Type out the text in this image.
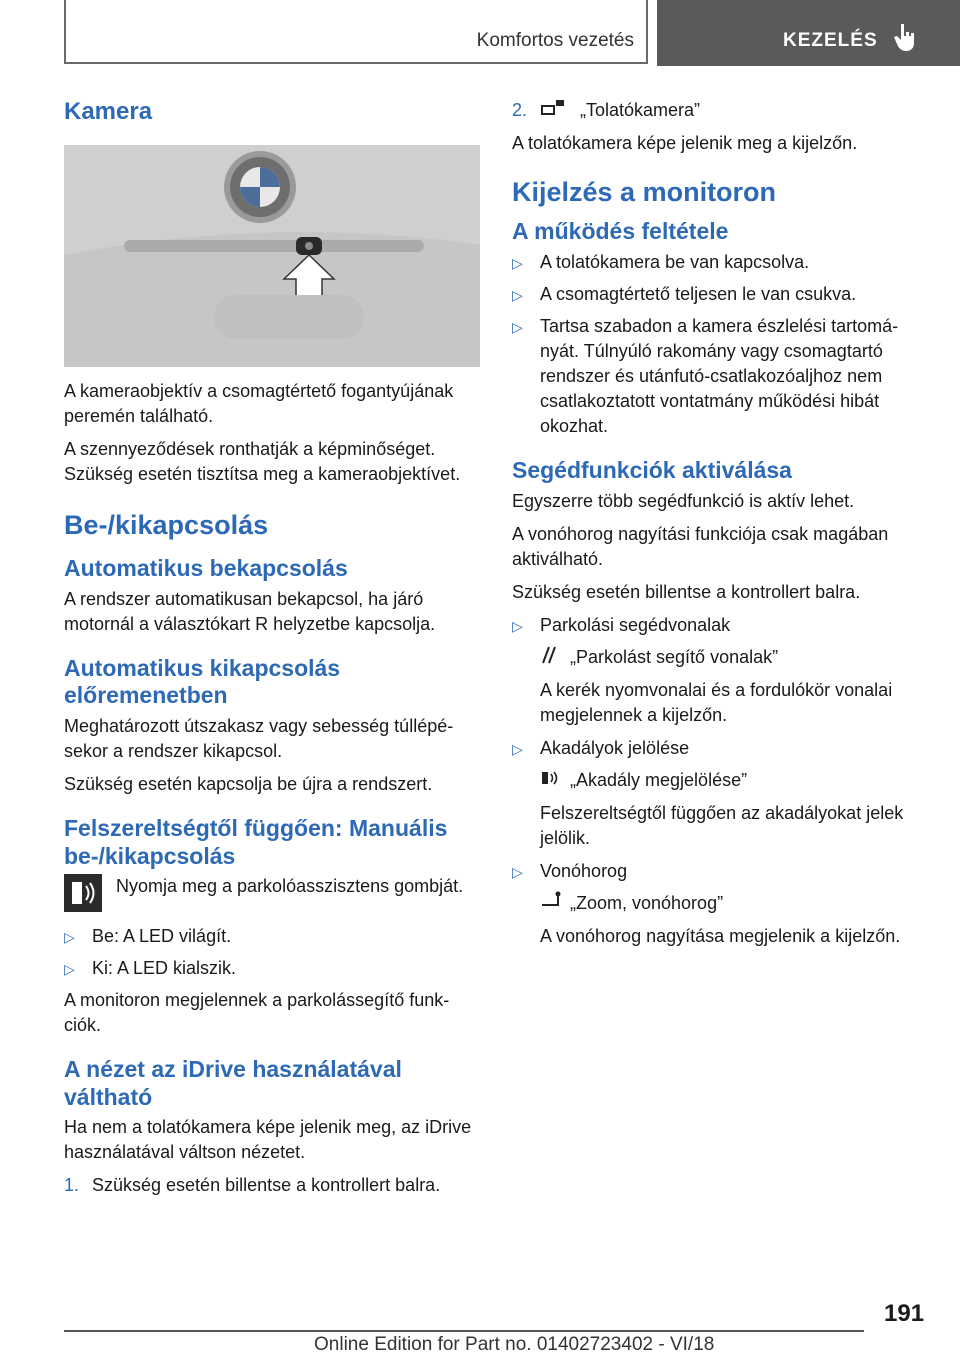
Komfortos vezetés	KEZELÉS
Kamera

A kameraobjektív a csomagtértető fogantyújának peremén található.

A szennyeződések ronthatják a képminőséget. Szükség esetén tisztítsa meg a kameraobjektívet.

Be-/kikapcsolás
Automatikus bekapcsolás

A rendszer automatikusan bekapcsol, ha járó motornál a választókart R helyzetbe kapcsolja.

Automatikus kikapcsolás előremenetben

Meghatározott útszakasz vagy sebesség túllépésekor a rendszer kikapcsol.

Szükség esetén kapcsolja be újra a rendszert.

Felszereltségtől függően: Manuális be-/kikapcsolás
Nyomja meg a parkolóasszisztens gombját.
▷ Be: A LED világít.
▷ Ki: A LED kialszik.

A monitoron megjelennek a parkolássegítő funkciók.

A nézet az iDrive használatával váltható

Ha nem a tolatókamera képe jelenik meg, az iDrive használatával váltson nézetet.

1. Szükség esetén billentse a kontrollert balra.
2.	„Tolatókamera”

A tolatókamera képe jelenik meg a kijelzőn.

Kijelzés a monitoron
A működés feltétele
▷ A tolatókamera be van kapcsolva.
▷ A csomagtértető teljesen le van csukva.
▷ Tartsa szabadon a kamera észlelési tartományát. Túlnyúló rakomány vagy csomagtartó rendszer és utánfutó-csatlakozóaljhoz nem csatlakoztatott vontatmány működési hibát okozhat.
Segédfunkciók aktiválása

Egyszerre több segédfunkció is aktív lehet.

A vonóhorog nagyítási funkciója csak magában aktiválható.

Szükség esetén billentse a kontrollert balra.

▷ Parkolási segédvonalak
„Parkolást segítő vonalak”

A kerék nyomvonalai és a fordulókör vonalai megjelennek a kijelzőn.

▷ Akadályok jelölése
„Akadály megjelölése”

Felszereltségtől függően az akadályokat jelek jelölik.

▷ Vonóhorog
„Zoom, vonóhorog”

A vonóhorog nagyítása megjelenik a kijelzőn.

191
Online Edition for Part no. 01402723402 - VI/18
